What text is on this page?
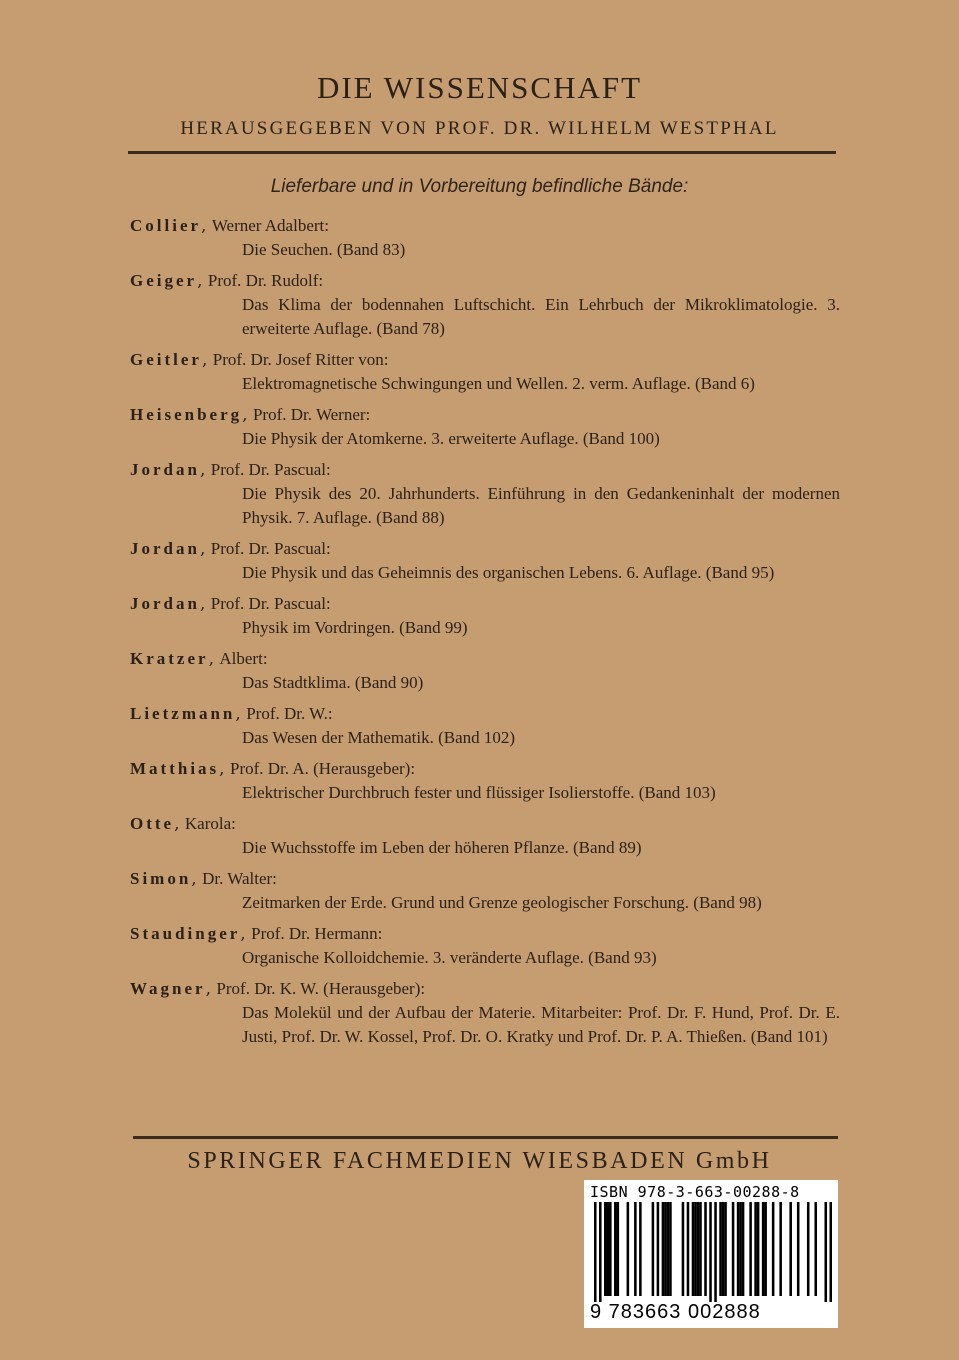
DIE WISSENSCHAFT
HERAUSGEGEBEN VON PROF. DR. WILHELM WESTPHAL
Lieferbare und in Vorbereitung befindliche Bände:
Collier, Werner Adalbert:
Die Seuchen. (Band 83)
Geiger, Prof. Dr. Rudolf:
Das Klima der bodennahen Luftschicht. Ein Lehrbuch der Mikroklimatologie. 3. erweiterte Auflage. (Band 78)
Geitler, Prof. Dr. Josef Ritter von:
Elektromagnetische Schwingungen und Wellen. 2. verm. Auflage. (Band 6)
Heisenberg, Prof. Dr. Werner:
Die Physik der Atomkerne. 3. erweiterte Auflage. (Band 100)
Jordan, Prof. Dr. Pascual:
Die Physik des 20. Jahrhunderts. Einführung in den Gedankeninhalt der modernen Physik. 7. Auflage. (Band 88)
Jordan, Prof. Dr. Pascual:
Die Physik und das Geheimnis des organischen Lebens. 6. Auflage. (Band 95)
Jordan, Prof. Dr. Pascual:
Physik im Vordringen. (Band 99)
Kratzer, Albert:
Das Stadtklima. (Band 90)
Lietzmann, Prof. Dr. W.:
Das Wesen der Mathematik. (Band 102)
Matthias, Prof. Dr. A. (Herausgeber):
Elektrischer Durchbruch fester und flüssiger Isolierstoffe. (Band 103)
Otte, Karola:
Die Wuchsstoffe im Leben der höheren Pflanze. (Band 89)
Simon, Dr. Walter:
Zeitmarken der Erde. Grund und Grenze geologischer Forschung. (Band 98)
Staudinger, Prof. Dr. Hermann:
Organische Kolloidchemie. 3. veränderte Auflage. (Band 93)
Wagner, Prof. Dr. K. W. (Herausgeber):
Das Molekül und der Aufbau der Materie. Mitarbeiter: Prof. Dr. F. Hund, Prof. Dr. E. Justi, Prof. Dr. W. Kossel, Prof. Dr. O. Kratky und Prof. Dr. P. A. Thießen. (Band 101)
SPRINGER FACHMEDIEN WIESBADEN GmbH
ISBN 978-3-663-00288-8
9 783663 002888
